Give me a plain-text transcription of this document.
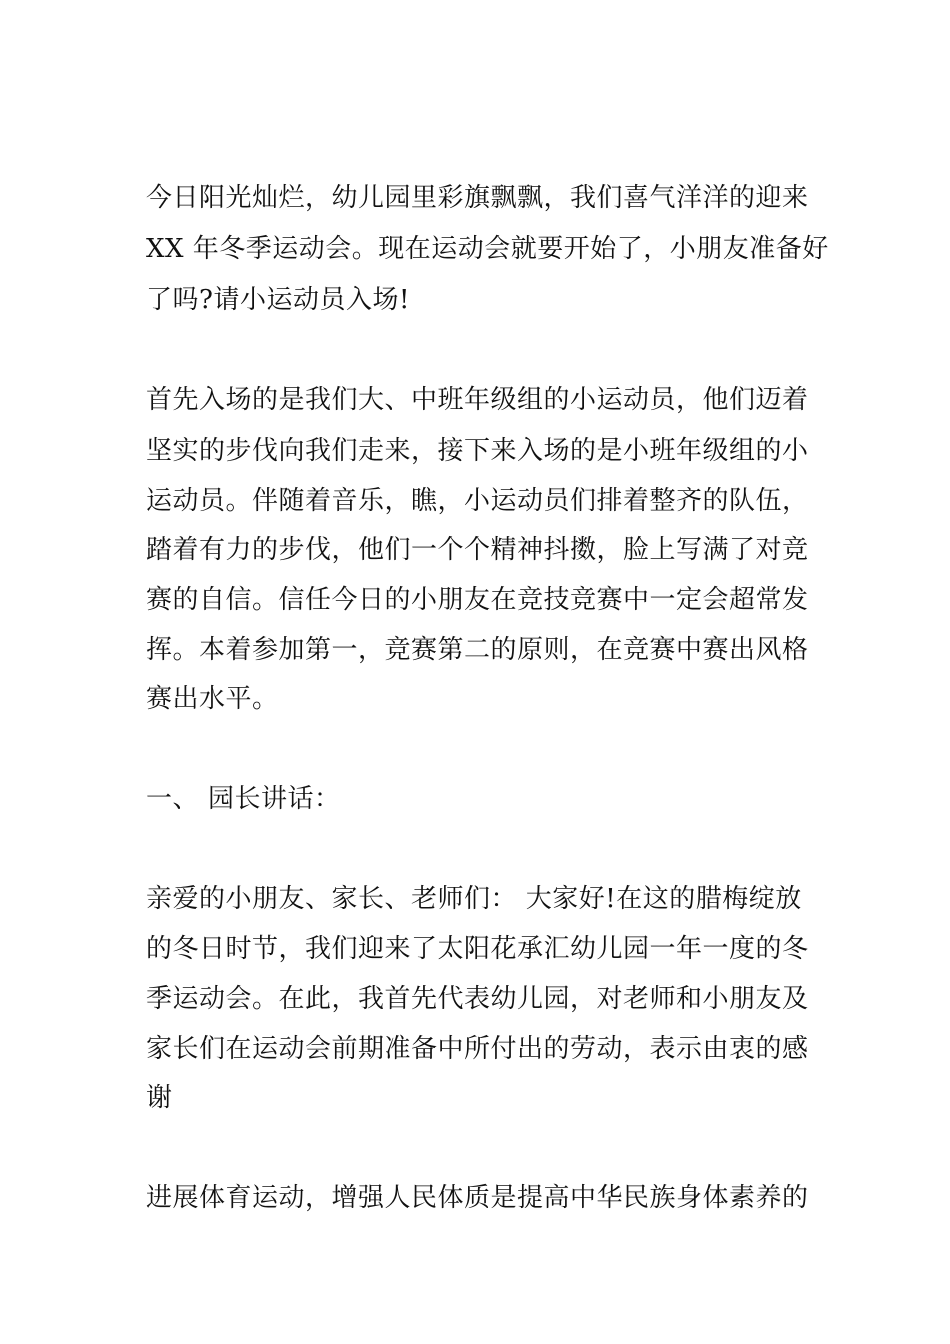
今日阳光灿烂，幼儿园里彩旗飘飘，我们喜气洋洋的迎来
XX 年冬季运动会。现在运动会就要开始了，小朋友准备好
了吗?请小运动员入场!
首先入场的是我们大、中班年级组的小运动员，他们迈着
坚实的步伐向我们走来，接下来入场的是小班年级组的小
运动员。伴随着音乐，瞧，小运动员们排着整齐的队伍，
踏着有力的步伐，他们一个个精神抖擞，脸上写满了对竞
赛的自信。信任今日的小朋友在竞技竞赛中一定会超常发
挥。本着参加第一，竞赛第二的原则，在竞赛中赛出风格
赛出水平。
一、 园长讲话：
亲爱的小朋友、家长、老师们： 大家好!在这的腊梅绽放
的冬日时节，我们迎来了太阳花承汇幼儿园一年一度的冬
季运动会。在此，我首先代表幼儿园，对老师和小朋友及
家长们在运动会前期准备中所付出的劳动，表示由衷的感
谢
进展体育运动，增强人民体质是提高中华民族身体素养的
